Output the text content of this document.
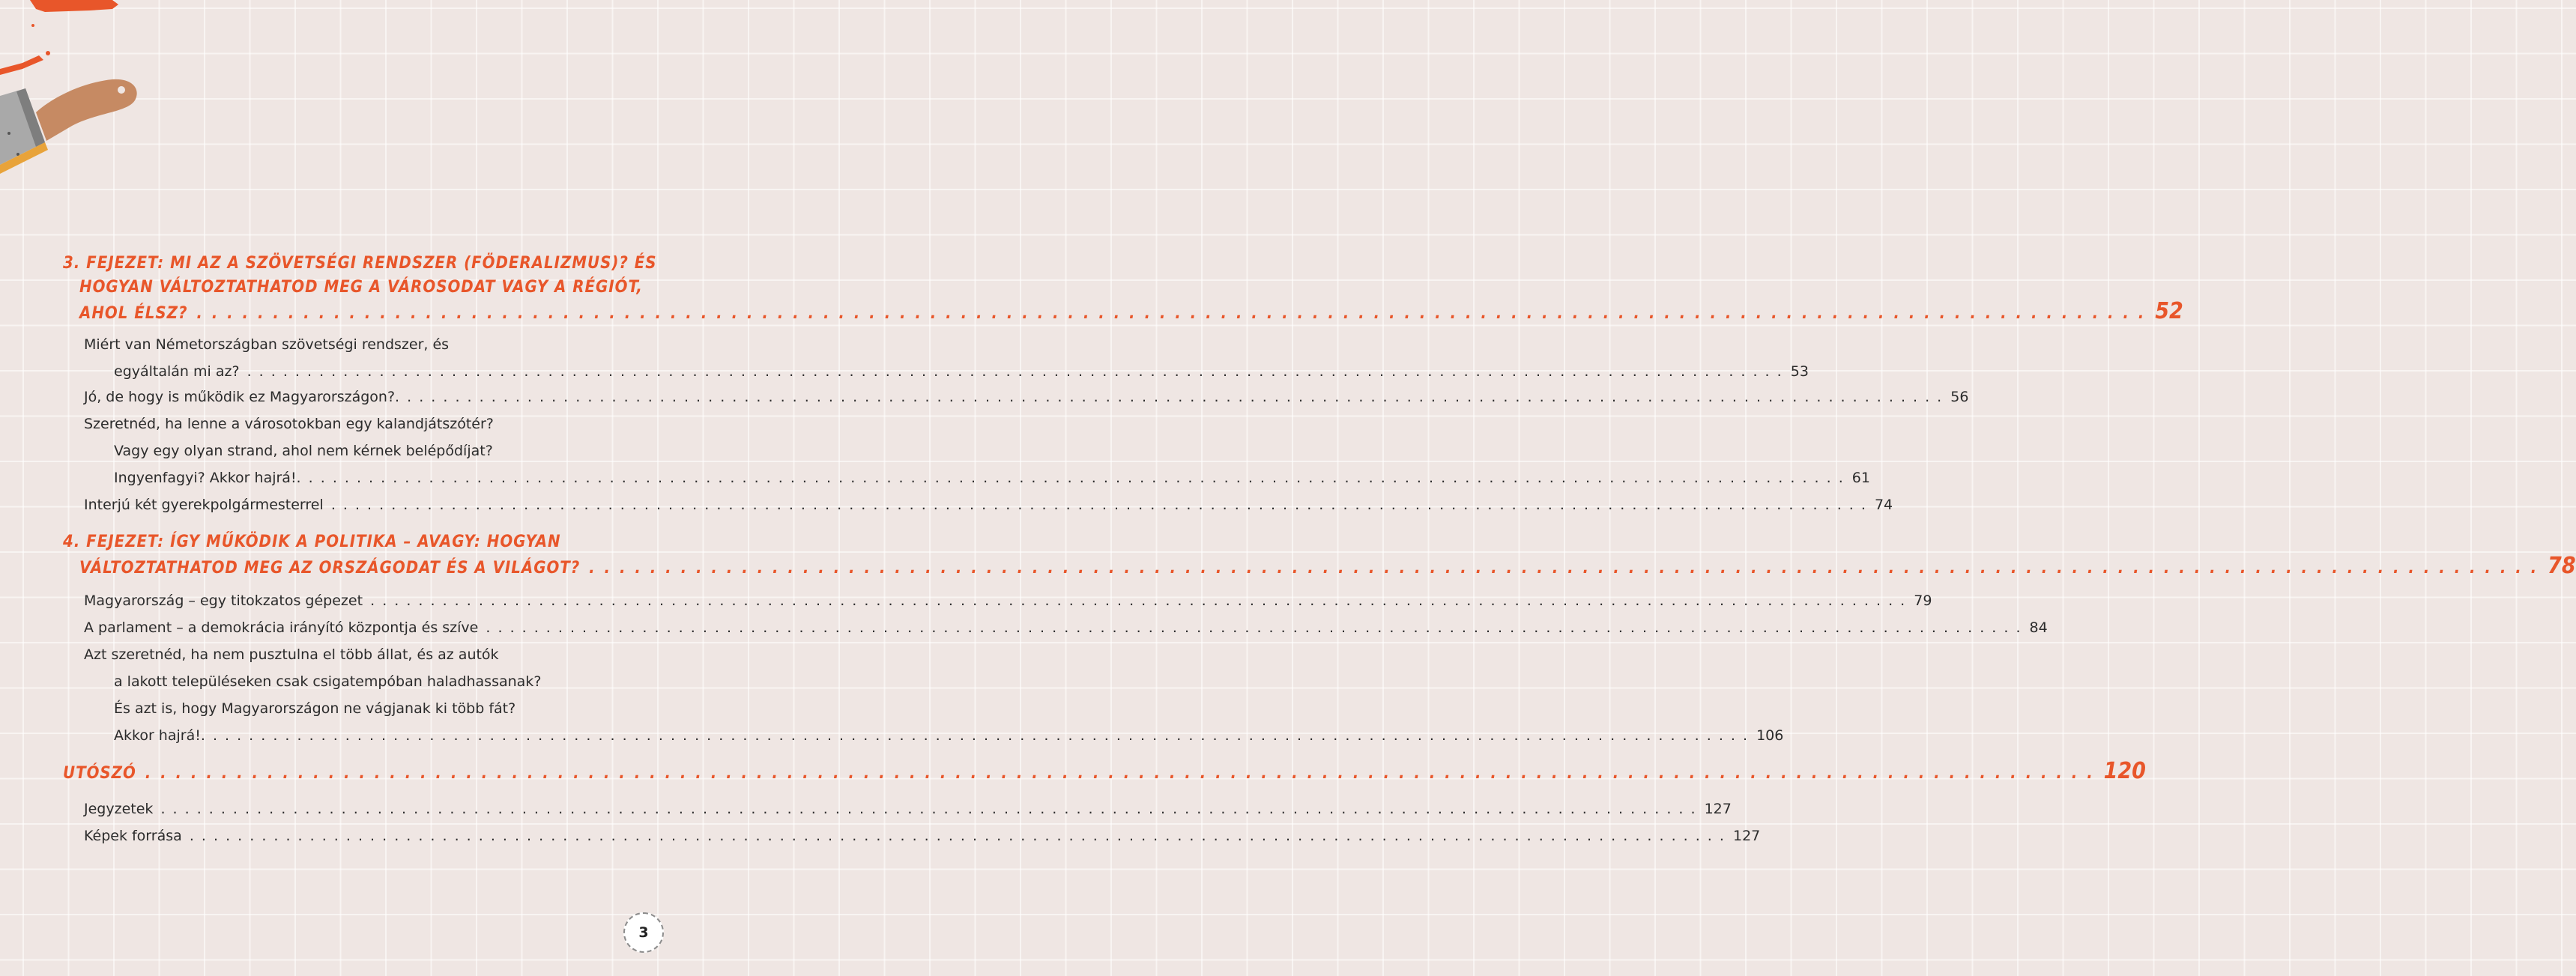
3. FEJEZET: MI AZ A SZÖVETSÉGI RENDSZER (FÖDERALIZMUS)? ÉS
HOGYAN VÁLTOZTATHATOD MEG A VÁROSODAT VAGY A RÉGIÓT,
AHOL ÉLSZ? . . .	52
Miért van Németországban szövetségi rendszer, és
egyáltalán mi az? . . .	53
Jó, de hogy is működik ez Magyarországon?. . . .	56
Szeretnéd, ha lenne a városotokban egy kalandjátszótér?
Vagy egy olyan strand, ahol nem kérnek belépődíjat?
Ingyenfagyi? Akkor hajrá!. . . .	61
Interjú két gyerekpolgármesterrel . . .	74
4. FEJEZET: ÍGY MŰKÖDIK A POLITIKA – AVAGY: HOGYAN
VÁLTOZTATHATOD MEG AZ ORSZÁGODAT ÉS A VILÁGOT? . . .	78
Magyarország – egy titokzatos gépezet . . .	79
A parlament – a demokrácia irányító központja és szíve . . .	84
Azt szeretnéd, ha nem pusztulna el több állat, és az autók
a lakott településeken csak csigatempóban haladhassanak?
És azt is, hogy Magyarországon ne vágjanak ki több fát?
Akkor hajrá!. . . .	106
UTÓSZÓ . . .	120
Jegyzetek . . .	127
Képek forrása . . .	127
3
